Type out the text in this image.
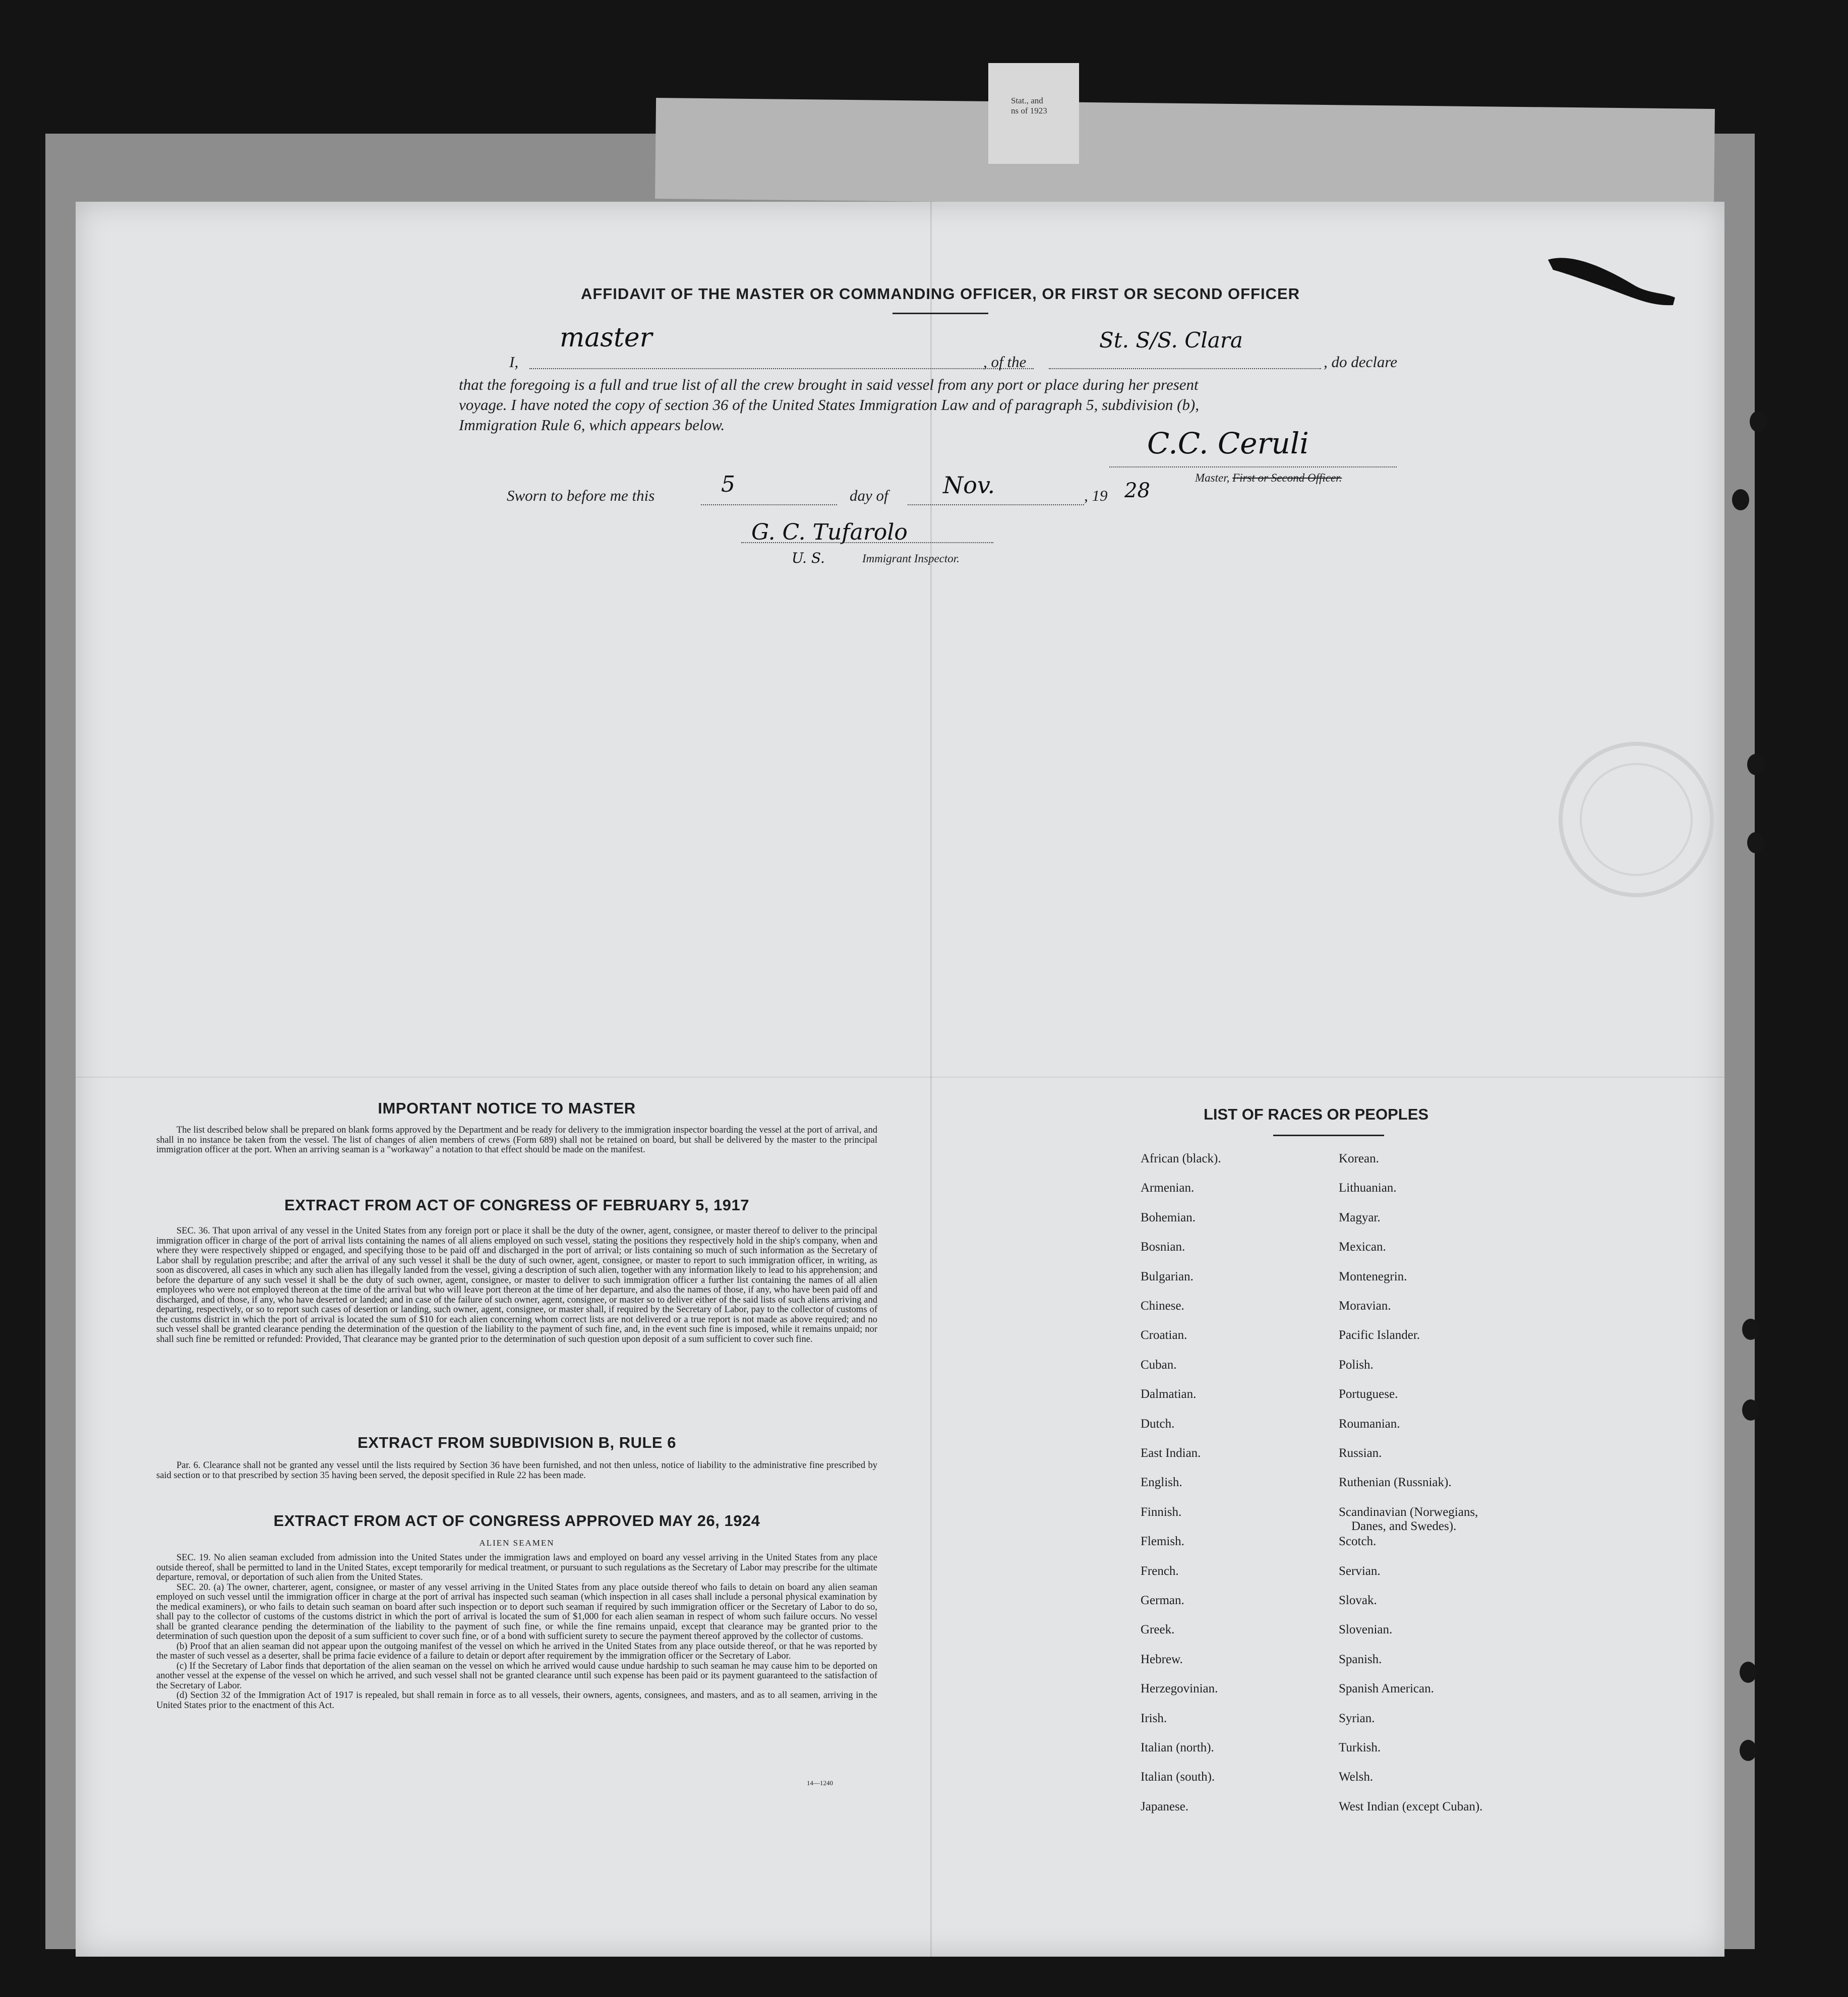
Stat., and
ns of 1923
AFFIDAVIT OF THE MASTER OR COMMANDING OFFICER, OR FIRST OR SECOND OFFICER
I,
master
, of the
St. S/S. Clara
, do declare
that the foregoing is a full and true list of all the crew brought in said vessel from any port or place during her present
voyage. I have noted the copy of section 36 of the United States Immigration Law and of paragraph 5, subdivision (b),
Immigration Rule 6, which appears below.
C.C. Ceruli
Master, First or Second Officer.
Sworn to before me this	5	day of Nov.	, 19 28
G. C. Tufarolo
U. S.	Immigrant Inspector.
IMPORTANT NOTICE TO MASTER

The list described below shall be prepared on blank forms approved by the Department and be ready for delivery to the immigration inspector boarding the vessel at the port of arrival, and shall in no instance be taken from the vessel. The list of changes of alien members of crews (Form 689) shall not be retained on board, but shall be delivered by the master to the principal immigration officer at the port. When an arriving seaman is a "workaway" a notation to that effect should be made on the manifest.

EXTRACT FROM ACT OF CONGRESS OF FEBRUARY 5, 1917

SEC. 36. That upon arrival of any vessel in the United States from any foreign port or place it shall be the duty of the owner, agent, consignee, or master thereof to deliver to the principal immigration officer in charge of the port of arrival lists containing the names of all aliens employed on such vessel, stating the positions they respectively hold in the ship's company, when and where they were respectively shipped or engaged, and specifying those to be paid off and discharged in the port of arrival; or lists containing so much of such information as the Secretary of Labor shall by regulation prescribe; and after the arrival of any such vessel it shall be the duty of such owner, agent, consignee, or master to report to such immigration officer, in writing, as soon as discovered, all cases in which any such alien has illegally landed from the vessel, giving a description of such alien, together with any information likely to lead to his apprehension; and before the departure of any such vessel it shall be the duty of such owner, agent, consignee, or master to deliver to such immigration officer a further list containing the names of all alien employees who were not employed thereon at the time of the arrival but who will leave port thereon at the time of her departure, and also the names of those, if any, who have been paid off and discharged, and of those, if any, who have deserted or landed; and in case of the failure of such owner, agent, consignee, or master so to deliver either of the said lists of such aliens arriving and departing, respectively, or so to report such cases of desertion or landing, such owner, agent, consignee, or master shall, if required by the Secretary of Labor, pay to the collector of customs of the customs district in which the port of arrival is located the sum of $10 for each alien concerning whom correct lists are not delivered or a true report is not made as above required; and no such vessel shall be granted clearance pending the determination of the question of the liability to the payment of such fine, and, in the event such fine is imposed, while it remains unpaid; nor shall such fine be remitted or refunded: Provided, That clearance may be granted prior to the determination of such question upon deposit of a sum sufficient to cover such fine.

EXTRACT FROM SUBDIVISION B, RULE 6

Par. 6. Clearance shall not be granted any vessel until the lists required by Section 36 have been furnished, and not then unless, notice of liability to the administrative fine prescribed by said section or to that prescribed by section 35 having been served, the deposit specified in Rule 22 has been made.

EXTRACT FROM ACT OF CONGRESS APPROVED MAY 26, 1924
ALIEN SEAMEN

SEC. 19. No alien seaman excluded from admission into the United States under the immigration laws and employed on board any vessel arriving in the United States from any place outside thereof, shall be permitted to land in the United States, except temporarily for medical treatment, or pursuant to such regulations as the Secretary of Labor may prescribe for the ultimate departure, removal, or deportation of such alien from the United States.

SEC. 20. (a) The owner, charterer, agent, consignee, or master of any vessel arriving in the United States from any place outside thereof who fails to detain on board any alien seaman employed on such vessel until the immigration officer in charge at the port of arrival has inspected such seaman (which inspection in all cases shall include a personal physical examination by the medical examiners), or who fails to detain such seaman on board after such inspection or to deport such seaman if required by such immigration officer or the Secretary of Labor to do so, shall pay to the collector of customs of the customs district in which the port of arrival is located the sum of $1,000 for each alien seaman in respect of whom such failure occurs. No vessel shall be granted clearance pending the determination of the liability to the payment of such fine, or while the fine remains unpaid, except that clearance may be granted prior to the determination of such question upon the deposit of a sum sufficient to cover such fine, or of a bond with sufficient surety to secure the payment thereof approved by the collector of customs.

(b) Proof that an alien seaman did not appear upon the outgoing manifest of the vessel on which he arrived in the United States from any place outside thereof, or that he was reported by the master of such vessel as a deserter, shall be prima facie evidence of a failure to detain or deport after requirement by the immigration officer or the Secretary of Labor.

(c) If the Secretary of Labor finds that deportation of the alien seaman on the vessel on which he arrived would cause undue hardship to such seaman he may cause him to be deported on another vessel at the expense of the vessel on which he arrived, and such vessel shall not be granted clearance until such expense has been paid or its payment guaranteed to the satisfaction of the Secretary of Labor.

(d) Section 32 of the Immigration Act of 1917 is repealed, but shall remain in force as to all vessels, their owners, agents, consignees, and masters, and as to all seamen, arriving in the United States prior to the enactment of this Act.

14—1240
LIST OF RACES OR PEOPLES
African (black).
Armenian.
Bohemian.
Bosnian.
Bulgarian.
Chinese.
Croatian.
Cuban.
Dalmatian.
Dutch.
East Indian.
English.
Finnish.
Flemish.
French.
German.
Greek.
Hebrew.
Herzegovinian.
Irish.
Italian (north).
Italian (south).
Japanese.
Korean.
Lithuanian.
Magyar.
Mexican.
Montenegrin.
Moravian.
Pacific Islander.
Polish.
Portuguese.
Roumanian.
Russian.
Ruthenian (Russniak).
Scandinavian (Norwegians,
Danes, and Swedes).
Scotch.
Servian.
Slovak.
Slovenian.
Spanish.
Spanish American.
Syrian.
Turkish.
Welsh.
West Indian (except Cuban).
